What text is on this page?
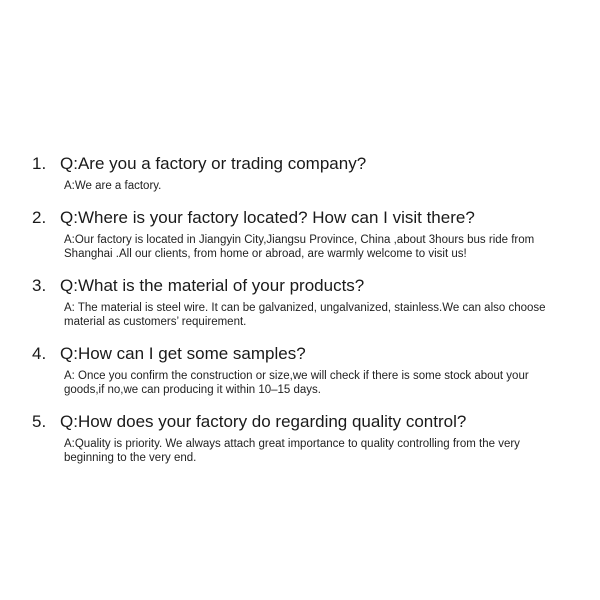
1. Q:Are you a factory or trading company?
A:We are a factory.
2. Q:Where is your factory located? How can I visit there?
A:Our factory is located in Jiangyin City,Jiangsu Province, China ,about 3hours bus ride from Shanghai .All our clients, from home or abroad, are warmly welcome to visit us!
3. Q:What is the material of your products?
A: The material is steel wire. It can be galvanized, ungalvanized, stainless.We can also choose material as customers’ requirement.
4. Q:How can I get some samples?
A: Once you confirm the construction or size,we will check if there is some stock about your goods,if no,we can producing it within 10–15 days.
5. Q:How does your factory do regarding quality control?
A:Quality is priority. We always attach great importance to quality controlling from the very beginning to the very end.
